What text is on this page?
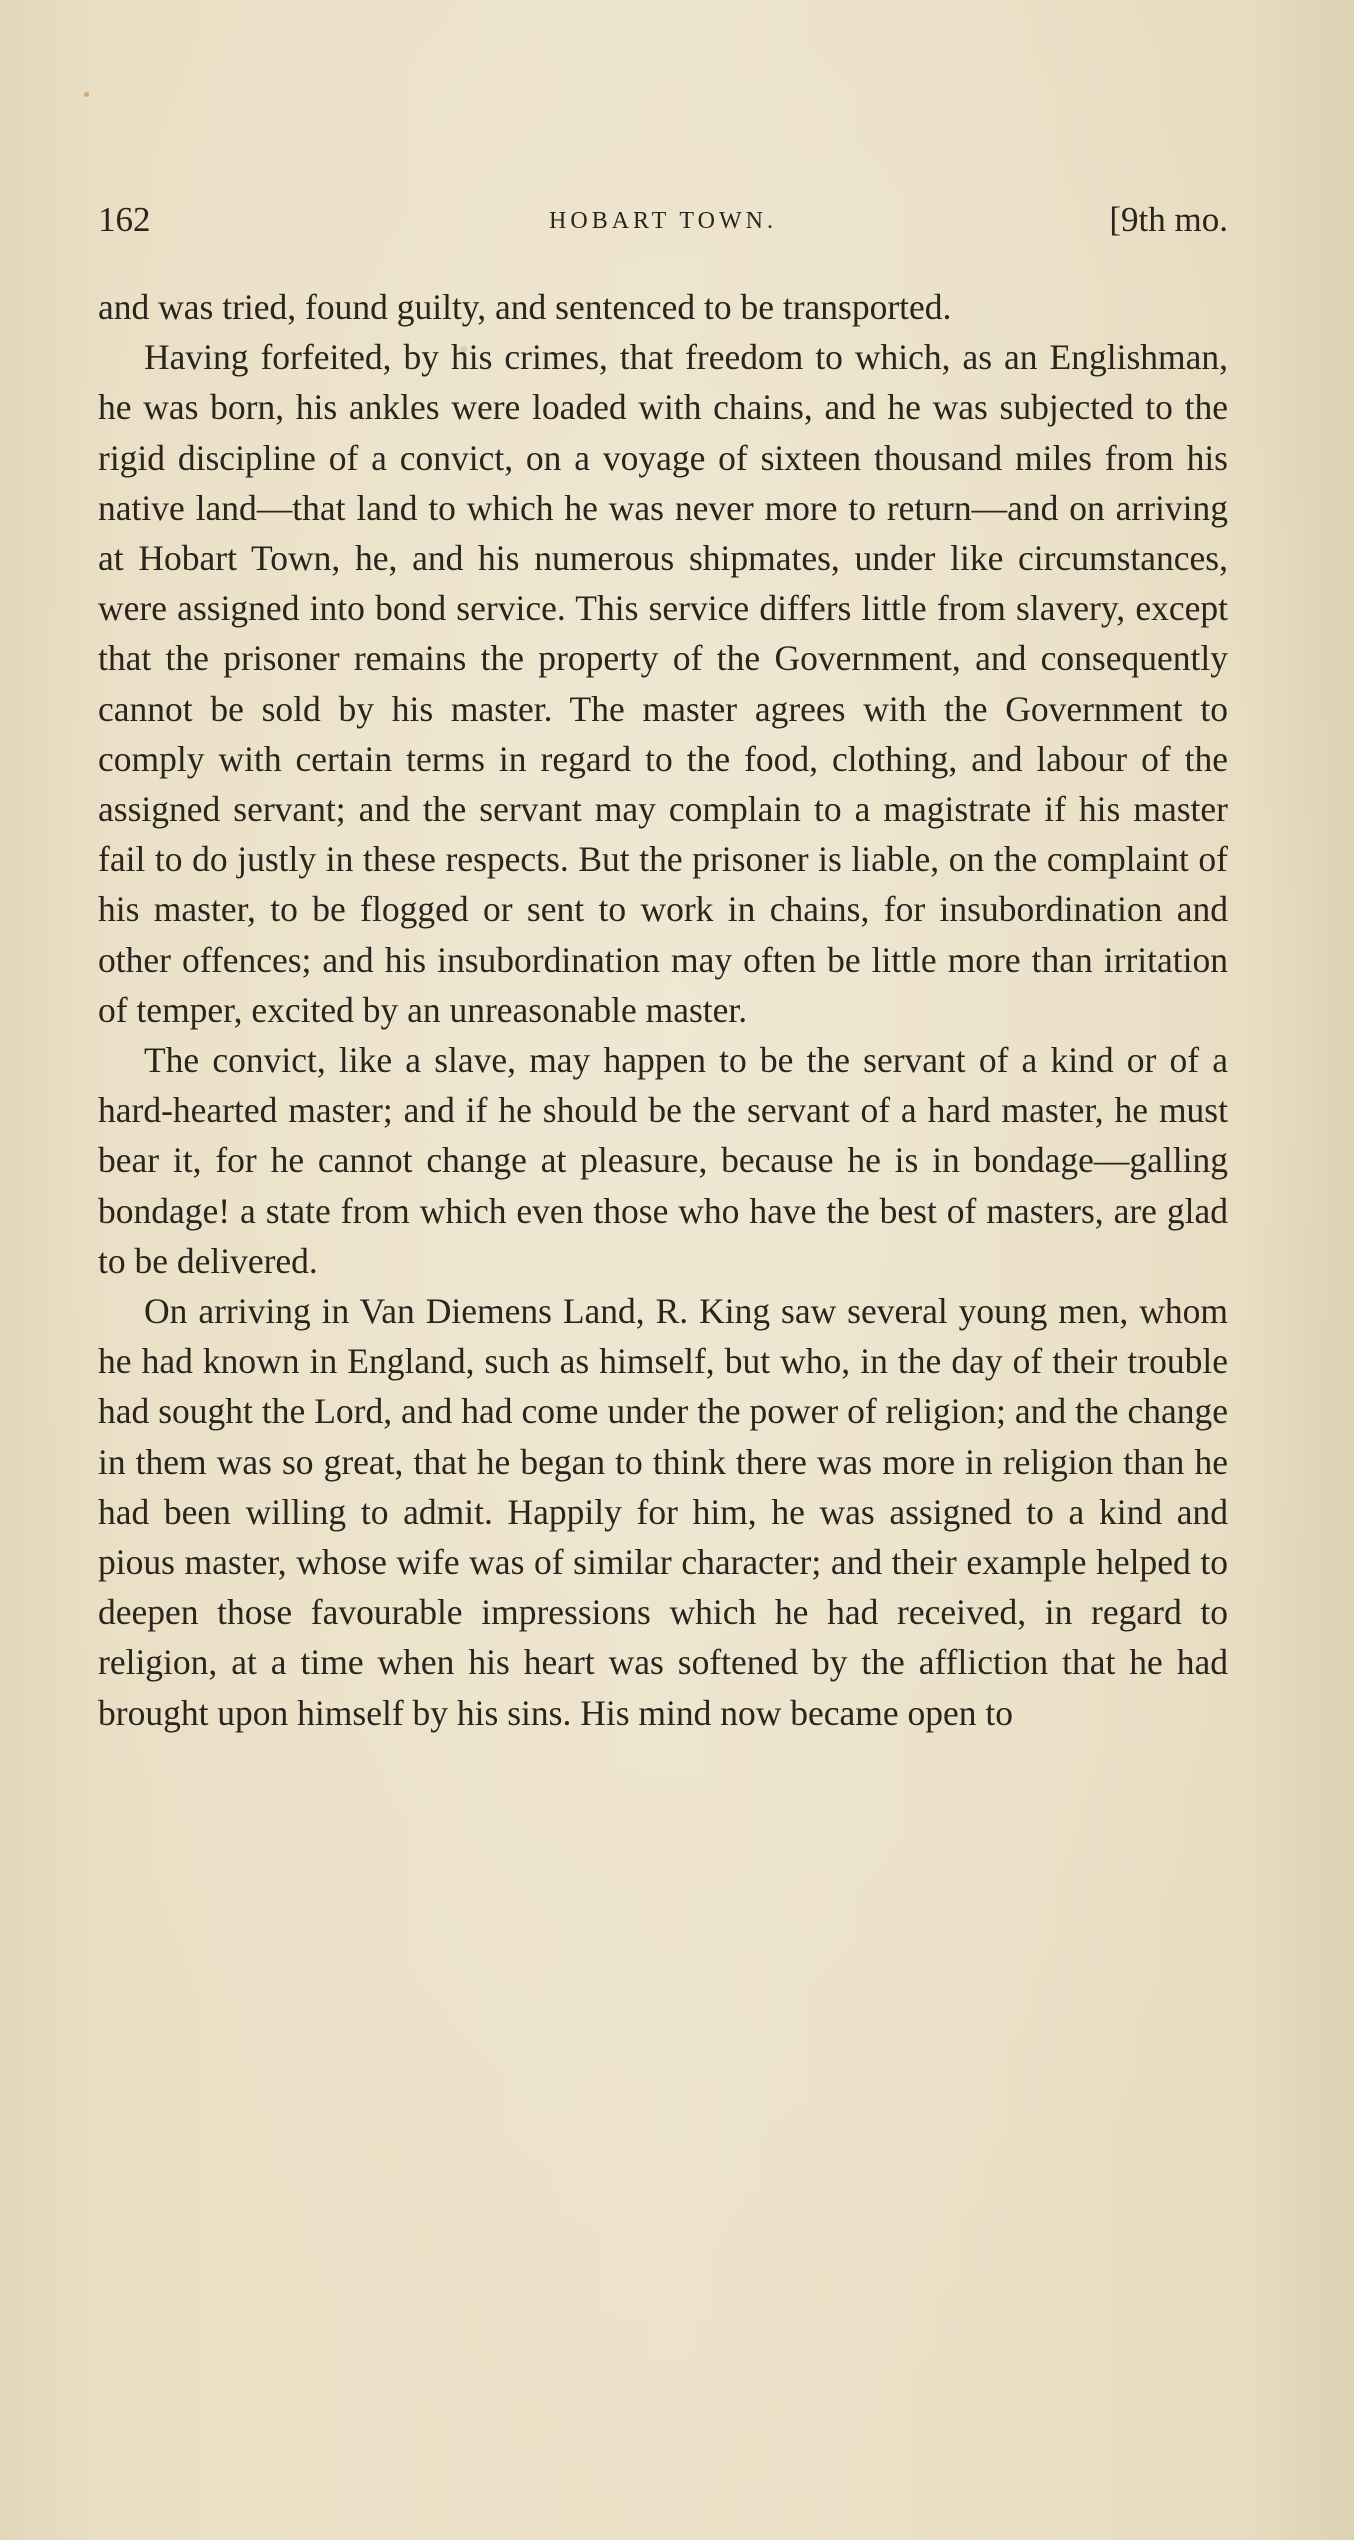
162	HOBART TOWN.	[9th mo.

and was tried, found guilty, and sentenced to be transported.

Having forfeited, by his crimes, that freedom to which, as an Englishman, he was born, his ankles were loaded with chains, and he was subjected to the rigid discipline of a convict, on a voyage of sixteen thousand miles from his native land—that land to which he was never more to return—and on arriving at Hobart Town, he, and his numerous shipmates, under like circumstances, were assigned into bond service. This service differs little from slavery, except that the prisoner remains the property of the Government, and consequently cannot be sold by his master. The master agrees with the Government to comply with certain terms in regard to the food, clothing, and labour of the assigned servant; and the servant may complain to a magistrate if his master fail to do justly in these respects. But the prisoner is liable, on the complaint of his master, to be flogged or sent to work in chains, for insubordination and other offences; and his insubordination may often be little more than irritation of temper, excited by an unreasonable master.

The convict, like a slave, may happen to be the servant of a kind or of a hard-hearted master; and if he should be the servant of a hard master, he must bear it, for he cannot change at pleasure, because he is in bondage—galling bondage! a state from which even those who have the best of masters, are glad to be delivered.

On arriving in Van Diemens Land, R. King saw several young men, whom he had known in England, such as himself, but who, in the day of their trouble had sought the Lord, and had come under the power of religion; and the change in them was so great, that he began to think there was more in religion than he had been willing to admit. Happily for him, he was assigned to a kind and pious master, whose wife was of similar character; and their example helped to deepen those favourable impressions which he had received, in regard to religion, at a time when his heart was softened by the affliction that he had brought upon himself by his sins. His mind now became open to
